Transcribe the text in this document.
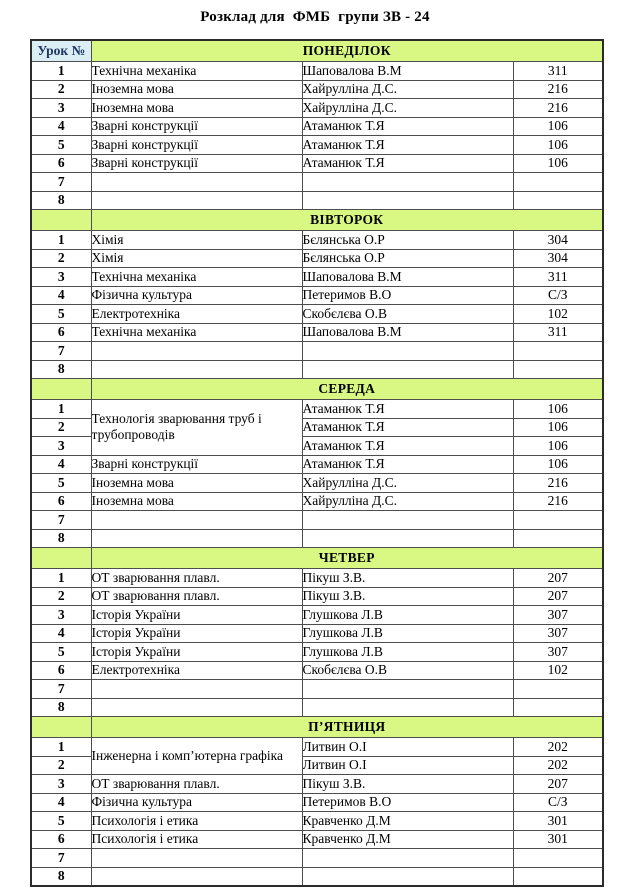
Розклад для  ФМБ  групи ЗВ - 24
Урок №	ПОНЕДІЛОК		
1	Технічна механіка	Шаповалова В.М	311
2	Іноземна мова	Хайрулліна Д.С.	216
3	Іноземна мова	Хайрулліна Д.С.	216
4	Зварні конструкції	Атаманюк Т.Я	106
5	Зварні конструкції	Атаманюк Т.Я	106
6	Зварні конструкції	Атаманюк Т.Я	106
7			
8			
	ВІВТОРОК		
1	Хімія	Бєлянська О.Р	304
2	Хімія	Бєлянська О.Р	304
3	Технічна механіка	Шаповалова В.М	311
4	Фізична культура	Петеримов В.О	С/З
5	Електротехніка	Скобєлєва О.В	102
6	Технічна механіка	Шаповалова В.М	311
7			
8			
	СЕРЕДА		
1	Технологія зварювання труб і трубопроводів	Атаманюк Т.Я	106
2		Атаманюк Т.Я	106
3		Атаманюк Т.Я	106
4	Зварні конструкції	Атаманюк Т.Я	106
5	Іноземна мова	Хайрулліна Д.С.	216
6	Іноземна мова	Хайрулліна Д.С.	216
7			
8			
	ЧЕТВЕР		
1	ОТ зварювання плавл.	Пікуш З.В.	207
2	ОТ зварювання плавл.	Пікуш З.В.	207
3	Історія України	Глушкова Л.В	307
4	Історія України	Глушкова Л.В	307
5	Історія України	Глушкова Л.В	307
6	Електротехніка	Скобєлєва О.В	102
7			
8			
	П’ЯТНИЦЯ		
1	Інженерна і комп’ютерна графіка	Литвин О.І	202
2		Литвин О.І	202
3	ОТ зварювання плавл.	Пікуш З.В.	207
4	Фізична культура	Петеримов В.О	С/З
5	Психологія і етика	Кравченко Д.М	301
6	Психологія і етика	Кравченко Д.М	301
7			
8			
